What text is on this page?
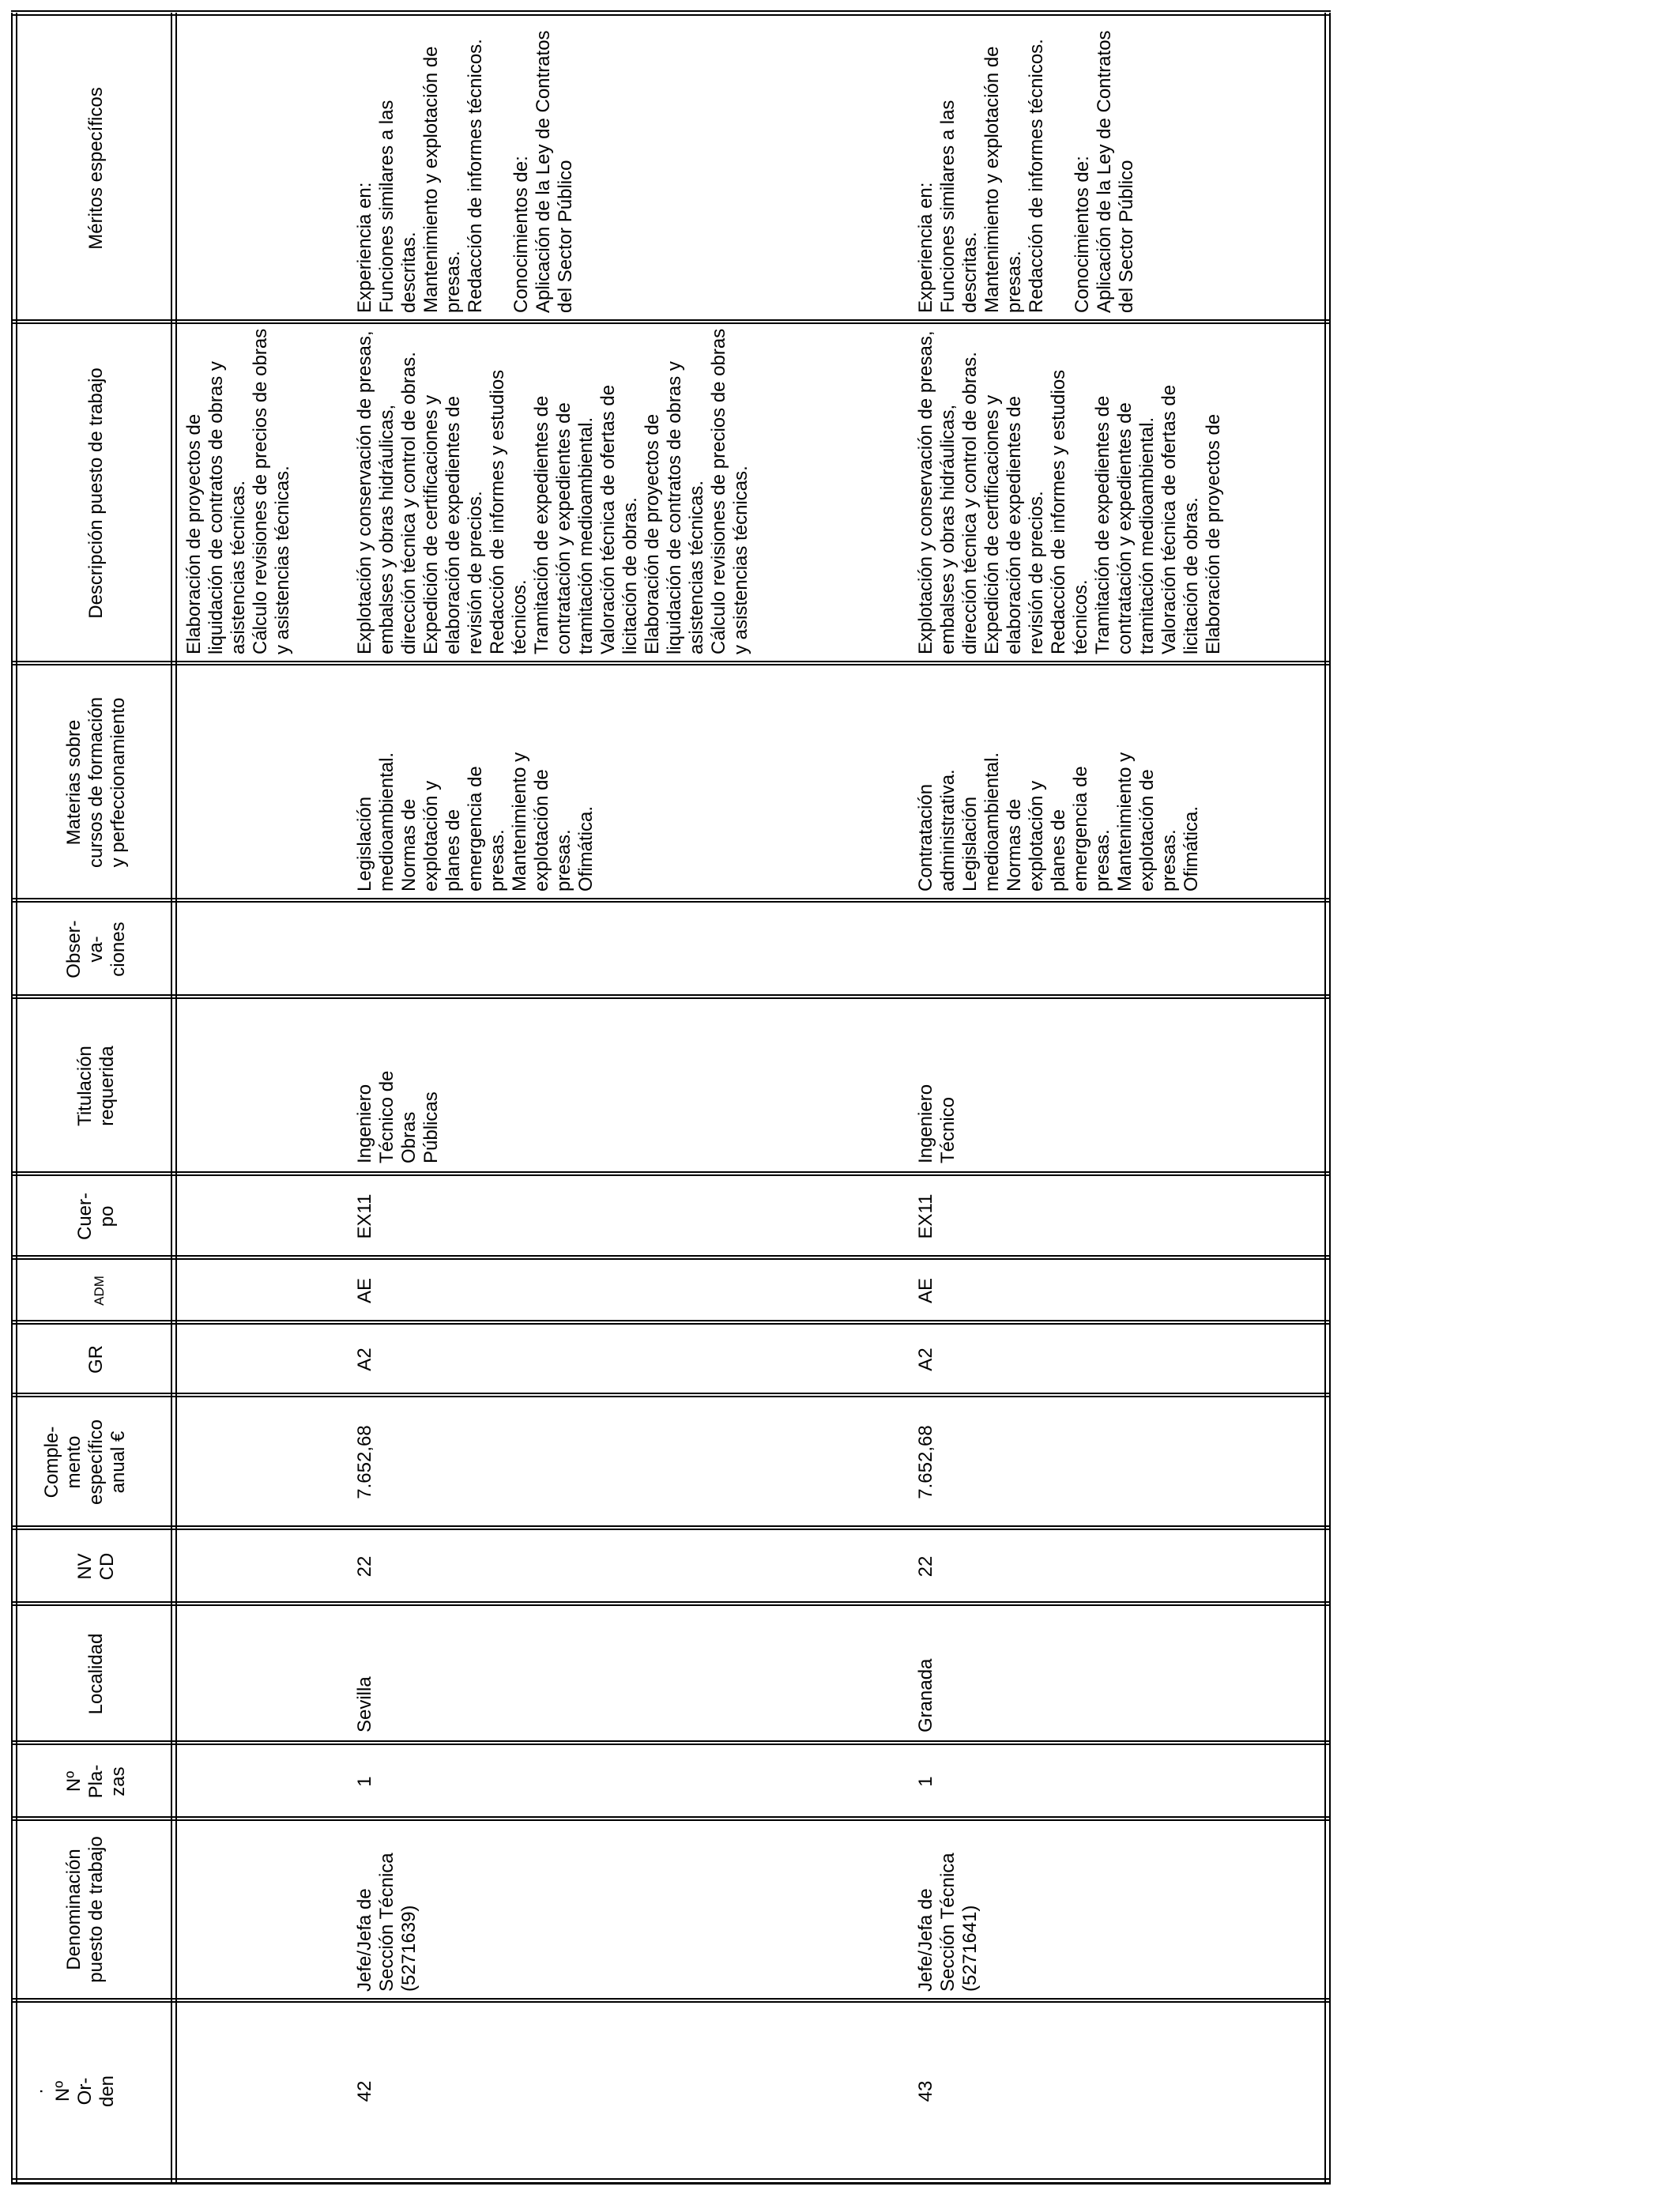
· Nº Or- den
Denominación puesto de trabajo
Nº Pla- zas
Localidad
NV CD
Comple- mento específico anual €
GR
ADM
Cuer- po
Titulación requerida
Obser- va- ciones
Materias sobre cursos de formación y perfeccionamiento
Descripción puesto de trabajo
Méritos específicos
Elaboración de proyectos de liquidación de contratos de obras y asistencias técnicas. Cálculo revisiones de precios de obras y asistencias técnicas.
42
Jefe/Jefa de Sección Técnica (5271639)
1
Sevilla
22
7.652,68
A2
AE
EX11
Ingeniero Técnico de Obras Públicas
Legislación medioambiental. Normas de explotación y planes de emergencia de presas. Mantenimiento y explotación de presas. Ofimática.
Explotación y conservación de presas, embalses y obras hidráulicas, dirección técnica y control de obras. Expedición de certificaciones y elaboración de expedientes de revisión de precios. Redacción de informes y estudios técnicos. Tramitación de expedientes de contratación y expedientes de tramitación medioambiental. Valoración técnica de ofertas de licitación de obras. Elaboración de proyectos de liquidación de contratos de obras y asistencias técnicas. Cálculo revisiones de precios de obras y asistencias técnicas.
Experiencia en: Funciones similares a las descritas. Mantenimiento y explotación de presas. Redacción de informes técnicos. Conocimientos de: Aplicación de la Ley de Contratos del Sector Público
43
Jefe/Jefa de Sección Técnica (5271641)
1
Granada
22
7.652,68
A2
AE
EX11
Ingeniero Técnico
Contratación administrativa. Legislación medioambiental. Normas de explotación y planes de emergencia de presas. Mantenimiento y explotación de presas. Ofimática.
Explotación y conservación de presas, embalses y obras hidráulicas, dirección técnica y control de obras. Expedición de certificaciones y elaboración de expedientes de revisión de precios. Redacción de informes y estudios técnicos. Tramitación de expedientes de contratación y expedientes de tramitación medioambiental. Valoración técnica de ofertas de licitación de obras. Elaboración de proyectos de
Experiencia en: Funciones similares a las descritas. Mantenimiento y explotación de presas. Redacción de informes técnicos. Conocimientos de: Aplicación de la Ley de Contratos del Sector Público
